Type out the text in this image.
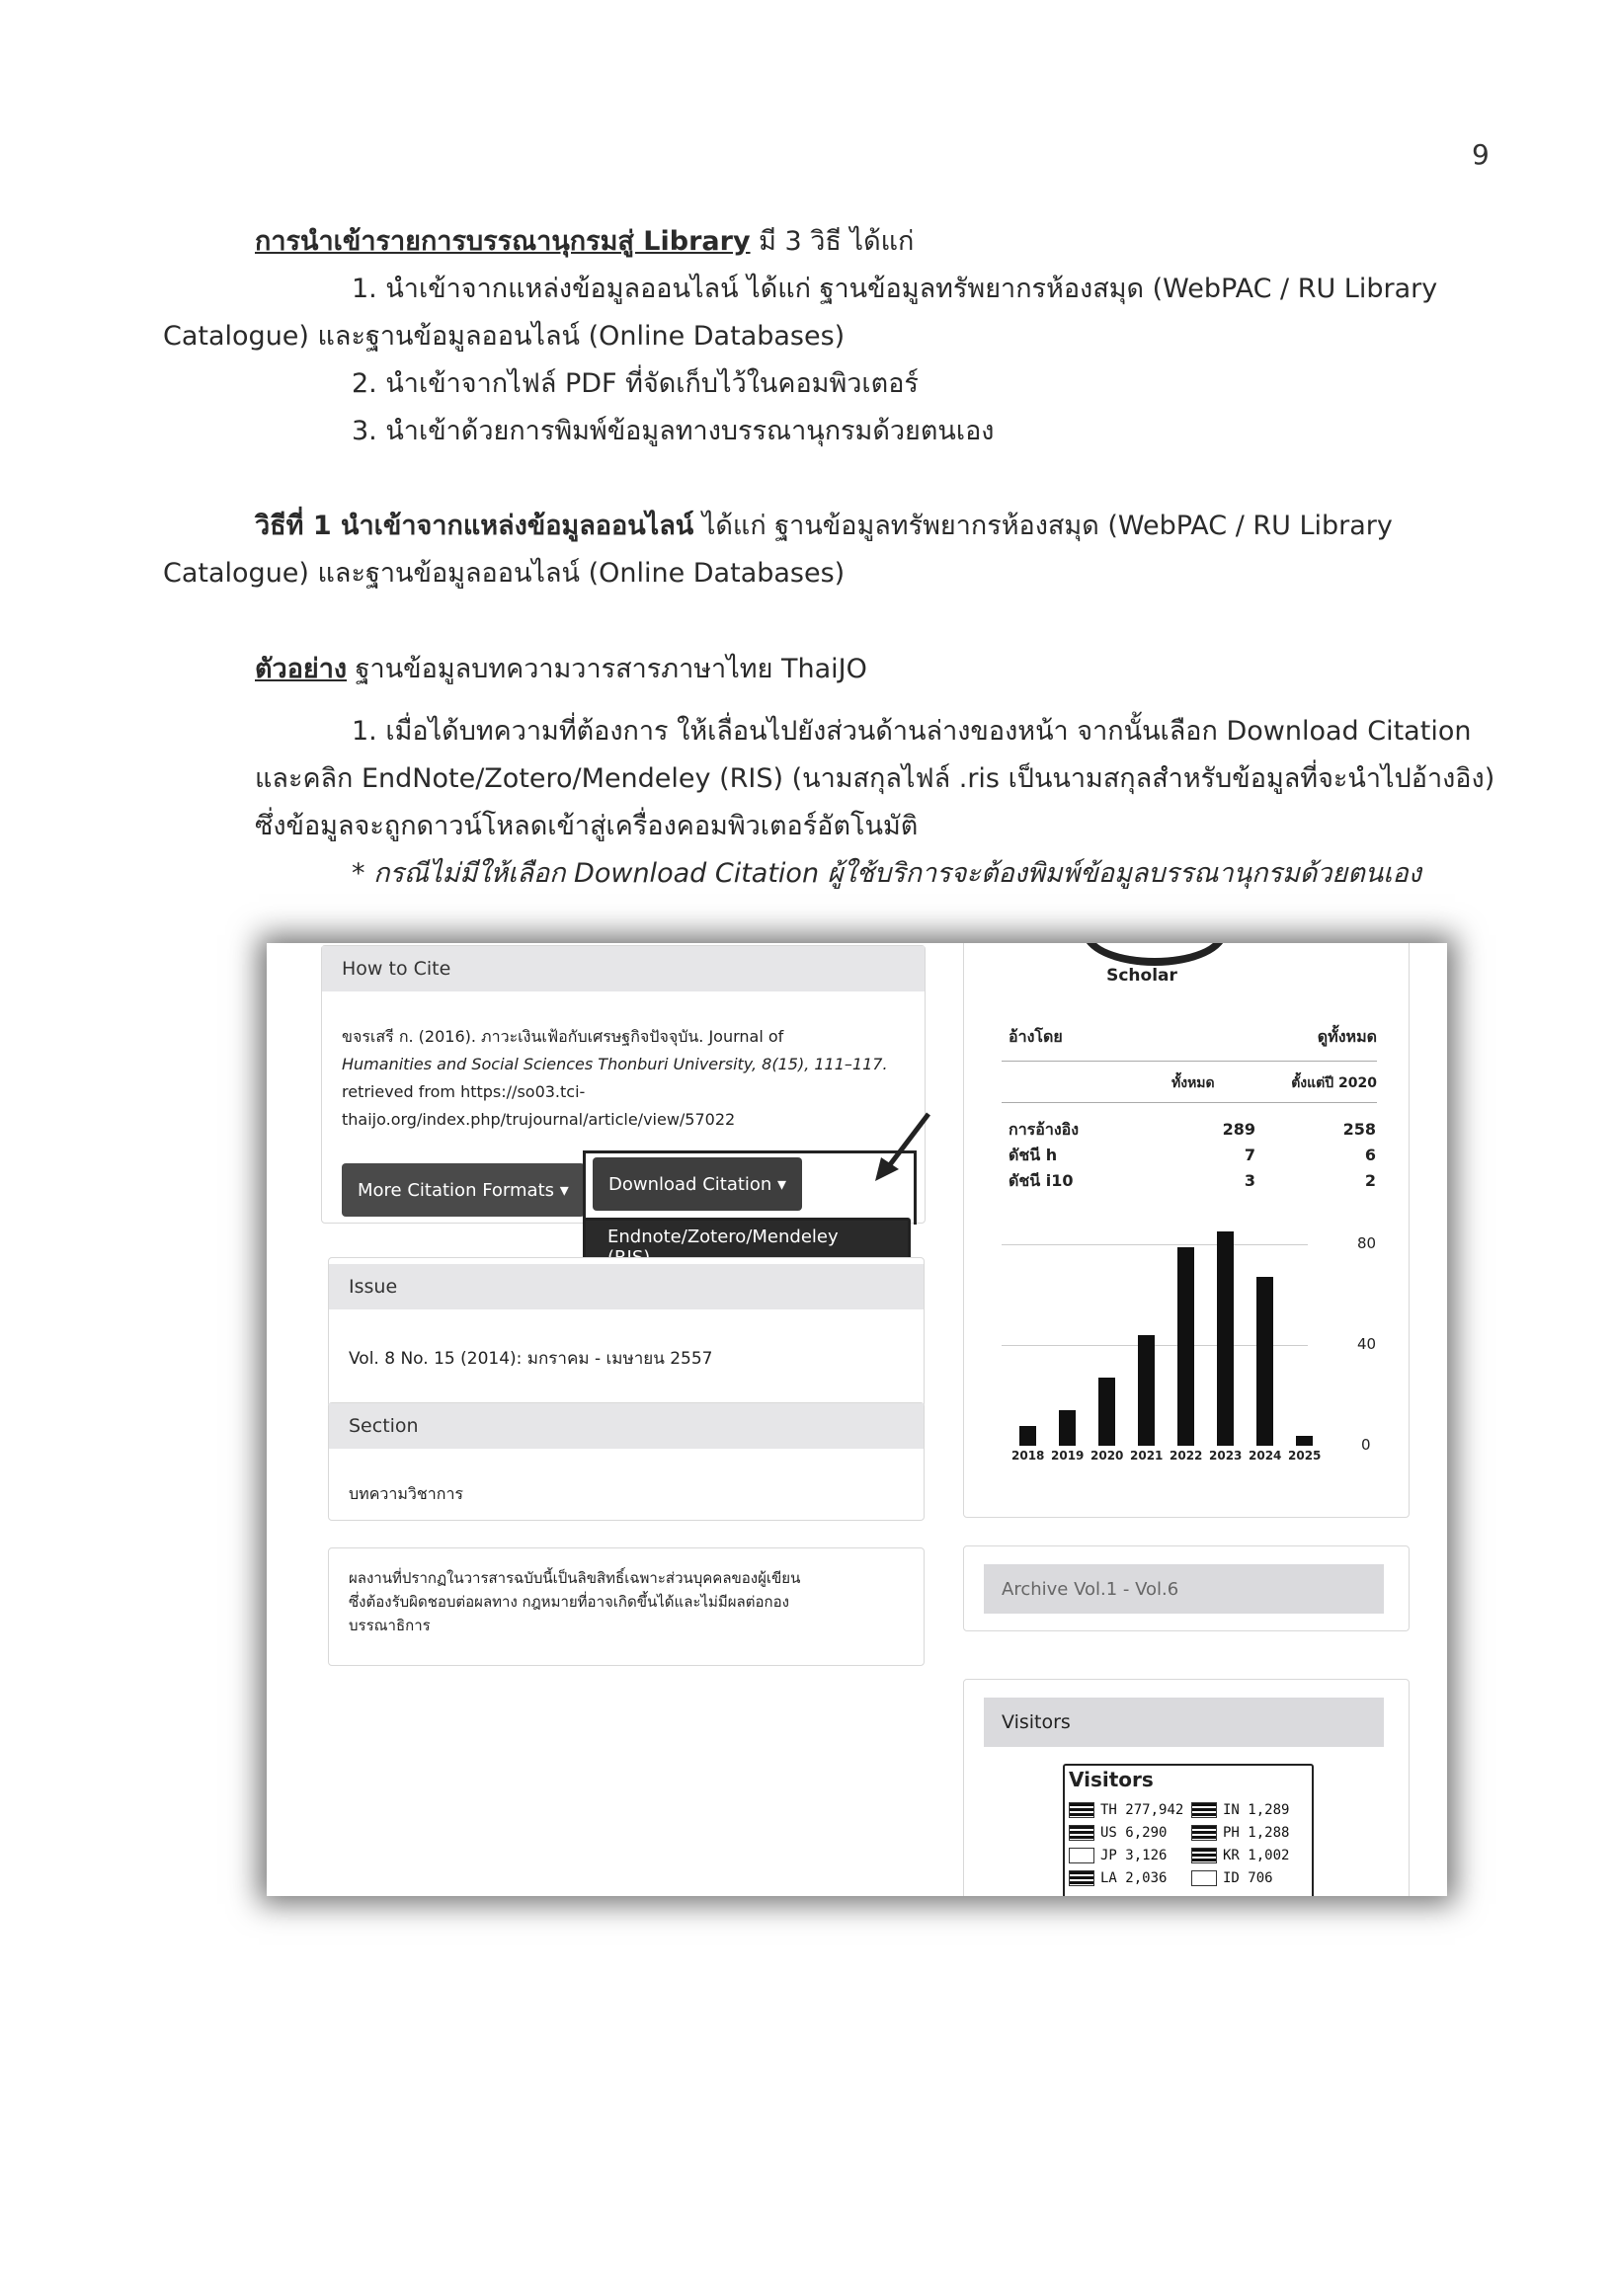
9
การนำเข้ารายการบรรณานุกรมสู่ Library มี 3 วิธี ได้แก่
1. นำเข้าจากแหล่งข้อมูลออนไลน์ ได้แก่ ฐานข้อมูลทรัพยากรห้องสมุด (WebPAC / RU Library
Catalogue) และฐานข้อมูลออนไลน์ (Online Databases)
2. นำเข้าจากไฟล์ PDF ที่จัดเก็บไว้ในคอมพิวเตอร์
3. นำเข้าด้วยการพิมพ์ข้อมูลทางบรรณานุกรมด้วยตนเอง
วิธีที่ 1 นำเข้าจากแหล่งข้อมูลออนไลน์ ได้แก่ ฐานข้อมูลทรัพยากรห้องสมุด (WebPAC / RU Library
Catalogue) และฐานข้อมูลออนไลน์ (Online Databases)
ตัวอย่าง ฐานข้อมูลบทความวารสารภาษาไทย ThaiJO
1. เมื่อได้บทความที่ต้องการ ให้เลื่อนไปยังส่วนด้านล่างของหน้า จากนั้นเลือก Download Citation
และคลิก EndNote/Zotero/Mendeley (RIS) (นามสกุลไฟล์ .ris เป็นนามสกุลสำหรับข้อมูลที่จะนำไปอ้างอิง)
ซึ่งข้อมูลจะถูกดาวน์โหลดเข้าสู่เครื่องคอมพิวเตอร์อัตโนมัติ
* กรณีไม่มีให้เลือก Download Citation ผู้ใช้บริการจะต้องพิมพ์ข้อมูลบรรณานุกรมด้วยตนเอง
How to Cite
ขจรเสรี ก. (2016). ภาวะเงินเฟ้อกับเศรษฐกิจปัจจุบัน. Journal of
Humanities and Social Sciences Thonburi University, 8(15), 111–117.
retrieved from https://so03.tci-
thaijo.org/index.php/trujournal/article/view/57022
More Citation Formats ▾	Download Citation ▾
Endnote/Zotero/Mendeley
Issue
Vol. 8 No. 15 (2014): มกราคม - เมษายน 2557
Section
บทความวิชาการ
ผลงานที่ปรากฏในวารสารฉบับนี้เป็นลิขสิทธิ์เฉพาะส่วนบุคคลของผู้เขียน
ซึ่งต้องรับผิดชอบต่อผลทาง กฎหมายที่อาจเกิดขึ้นได้และไม่มีผลต่อกอง
บรรณาธิการ
Scholar
อ้างโดย	ดูทั้งหมด
ทั้งหมด	ตั้งแต่ปี 2020
การอ้างอิง	289	258
ดัชนี h	7	6
ดัชนี i10	3	2
80
40
0
2018 2019 2020 2021 2022 2023 2024 2025
Archive Vol.1 - Vol.6
Visitors
Visitors
TH 277,942
US 6,290
JP 3,126
LA 2,036
IN 1,289
PH 1,288
KR 1,002
ID 706
